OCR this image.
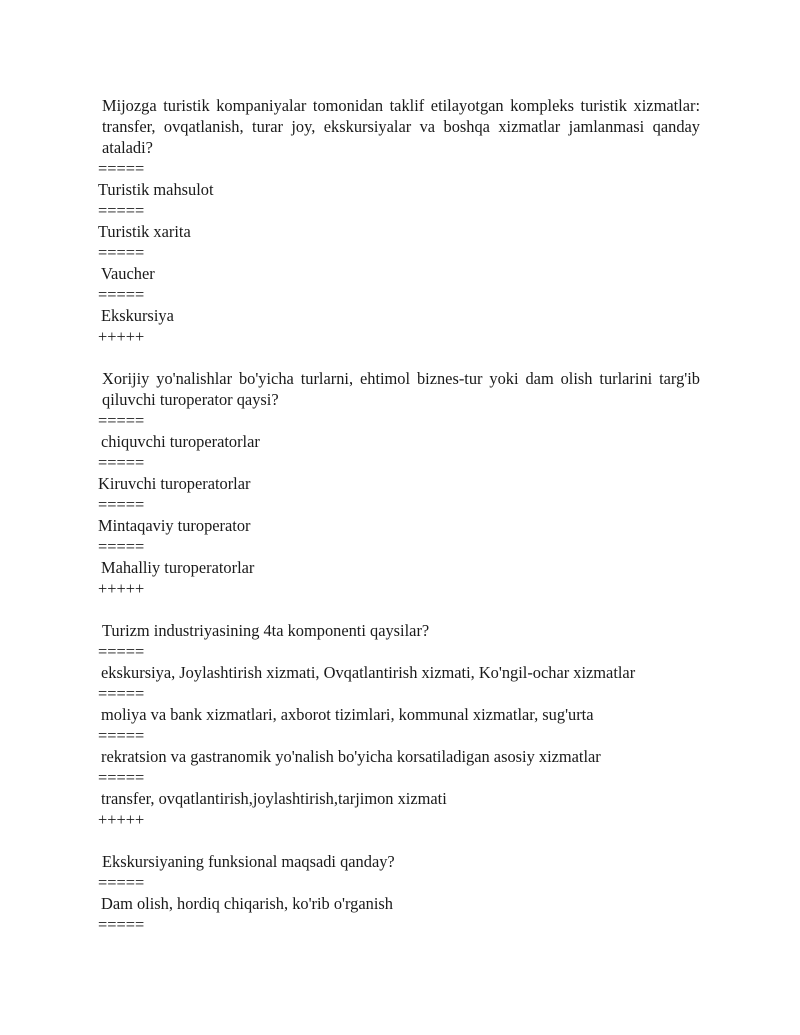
Mijozga turistik kompaniyalar tomonidan taklif etilayotgan kompleks turistik xizmatlar: transfer, ovqatlanish, turar joy, ekskursiyalar va boshqa xizmatlar jamlanmasi qanday ataladi?

=====

Turistik mahsulot

=====

Turistik xarita

=====

Vaucher

=====

Ekskursiya

+++++

Xorijiy yo'nalishlar bo'yicha turlarni, ehtimol biznes-tur yoki dam olish turlarini targ'ib qiluvchi turoperator qaysi?

=====

chiquvchi turoperatorlar

=====

Kiruvchi turoperatorlar

=====

Mintaqaviy turoperator

=====

Mahalliy turoperatorlar

+++++

Turizm industriyasining 4ta komponenti qaysilar?

=====

ekskursiya, Joylashtirish xizmati, Ovqatlantirish xizmati, Ko'ngil-ochar xizmatlar

=====

moliya va bank xizmatlari, axborot tizimlari, kommunal xizmatlar, sug'urta

=====

rekratsion va gastranomik yo'nalish bo'yicha korsatiladigan asosiy xizmatlar

=====

transfer, ovqatlantirish,joylashtirish,tarjimon xizmati

+++++

Ekskursiyaning funksional maqsadi qanday?

=====

Dam olish, hordiq chiqarish, ko'rib o'rganish

=====
